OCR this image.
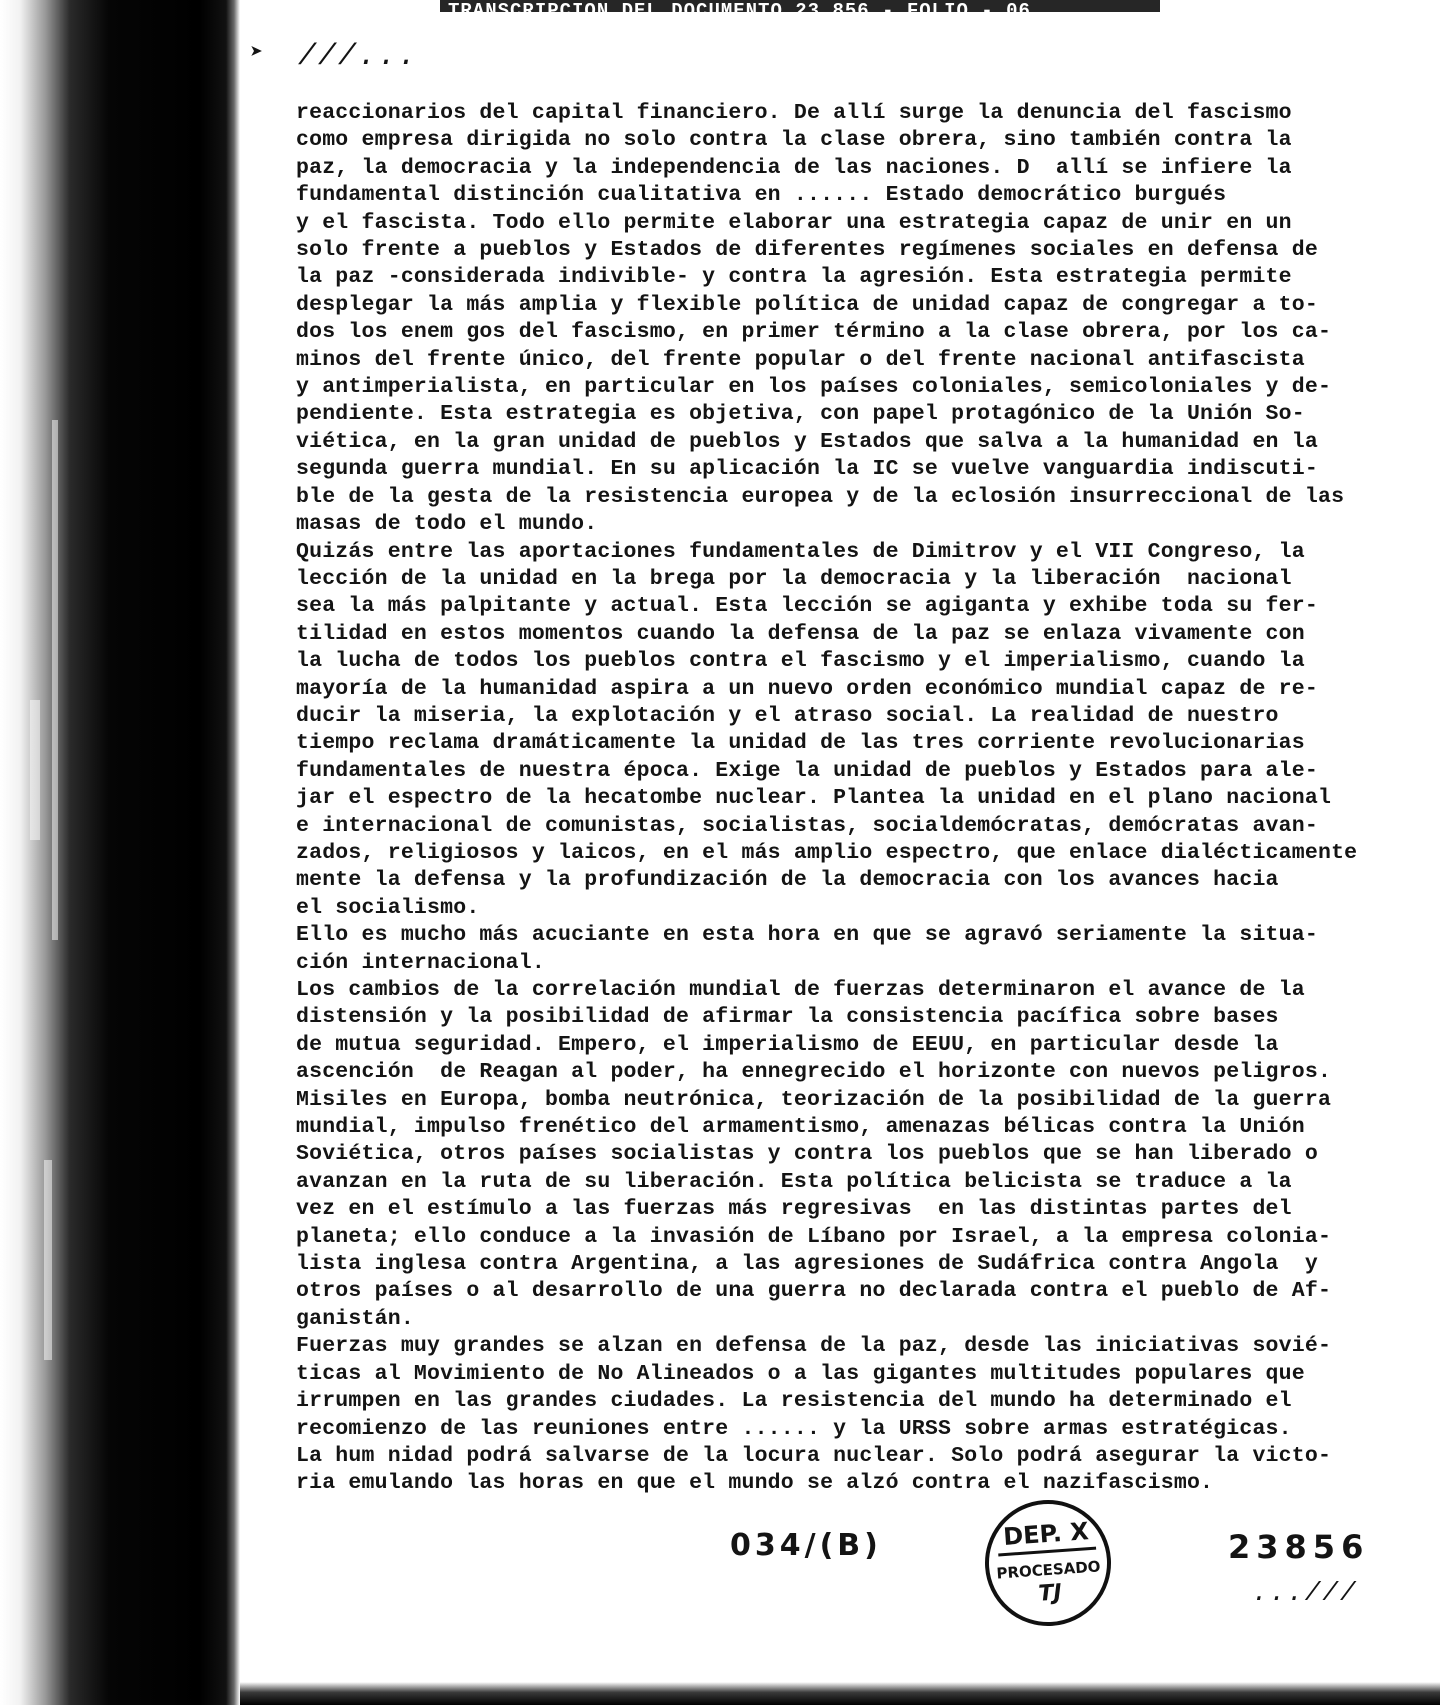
TRANSCRIPCION DEL DOCUMENTO 23.856 - FOLIO - 06
➤ ///...

reaccionarios del capital financiero. De allí surge la denuncia del fascismo

como empresa dirigida no solo contra la clase obrera, sino también contra la

paz, la democracia y la independencia de las naciones. D  allí se infiere la

fundamental distinción cualitativa en ...... Estado democrático burgués

y el fascista. Todo ello permite elaborar una estrategia capaz de unir en un

solo frente a pueblos y Estados de diferentes regímenes sociales en defensa de

la paz -considerada indivible- y contra la agresión. Esta estrategia permite

desplegar la más amplia y flexible política de unidad capaz de congregar a to-

dos los enem gos del fascismo, en primer término a la clase obrera, por los ca-

minos del frente único, del frente popular o del frente nacional antifascista

y antimperialista, en particular en los países coloniales, semicoloniales y de-

pendiente. Esta estrategia es objetiva, con papel protagónico de la Unión So-

viética, en la gran unidad de pueblos y Estados que salva a la humanidad en la

segunda guerra mundial. En su aplicación la IC se vuelve vanguardia indiscuti-

ble de la gesta de la resistencia europea y de la eclosión insurreccional de las

masas de todo el mundo.

Quizás entre las aportaciones fundamentales de Dimitrov y el VII Congreso, la

lección de la unidad en la brega por la democracia y la liberación  nacional

sea la más palpitante y actual. Esta lección se agiganta y exhibe toda su fer-

tilidad en estos momentos cuando la defensa de la paz se enlaza vivamente con

la lucha de todos los pueblos contra el fascismo y el imperialismo, cuando la

mayoría de la humanidad aspira a un nuevo orden económico mundial capaz de re-

ducir la miseria, la explotación y el atraso social. La realidad de nuestro

tiempo reclama dramáticamente la unidad de las tres corriente revolucionarias

fundamentales de nuestra época. Exige la unidad de pueblos y Estados para ale-

jar el espectro de la hecatombe nuclear. Plantea la unidad en el plano nacional

e internacional de comunistas, socialistas, socialdemócratas, demócratas avan-

zados, religiosos y laicos, en el más amplio espectro, que enlace dialécticamente

mente la defensa y la profundización de la democracia con los avances hacia

el socialismo.

Ello es mucho más acuciante en esta hora en que se agravó seriamente la situa-

ción internacional.

Los cambios de la correlación mundial de fuerzas determinaron el avance de la

distensión y la posibilidad de afirmar la consistencia pacífica sobre bases

de mutua seguridad. Empero, el imperialismo de EEUU, en particular desde la

ascención  de Reagan al poder, ha ennegrecido el horizonte con nuevos peligros.

Misiles en Europa, bomba neutrónica, teorización de la posibilidad de la guerra

mundial, impulso frenético del armamentismo, amenazas bélicas contra la Unión

Soviética, otros países socialistas y contra los pueblos que se han liberado o

avanzan en la ruta de su liberación. Esta política belicista se traduce a la

vez en el estímulo a las fuerzas más regresivas  en las distintas partes del

planeta; ello conduce a la invasión de Líbano por Israel, a la empresa colonia-

lista inglesa contra Argentina, a las agresiones de Sudáfrica contra Angola  y

otros países o al desarrollo de una guerra no declarada contra el pueblo de Af-

ganistán.

Fuerzas muy grandes se alzan en defensa de la paz, desde las iniciativas sovié-

ticas al Movimiento de No Alineados o a las gigantes multitudes populares que

irrumpen en las grandes ciudades. La resistencia del mundo ha determinado el

recomienzo de las reuniones entre ...... y la URSS sobre armas estratégicas.

La hum nidad podrá salvarse de la locura nuclear. Solo podrá asegurar la victo-

ria emulando las horas en que el mundo se alzó contra el nazifascismo.

034/(B)	DEP. X
PROCESADO
TJ
23856
...///
